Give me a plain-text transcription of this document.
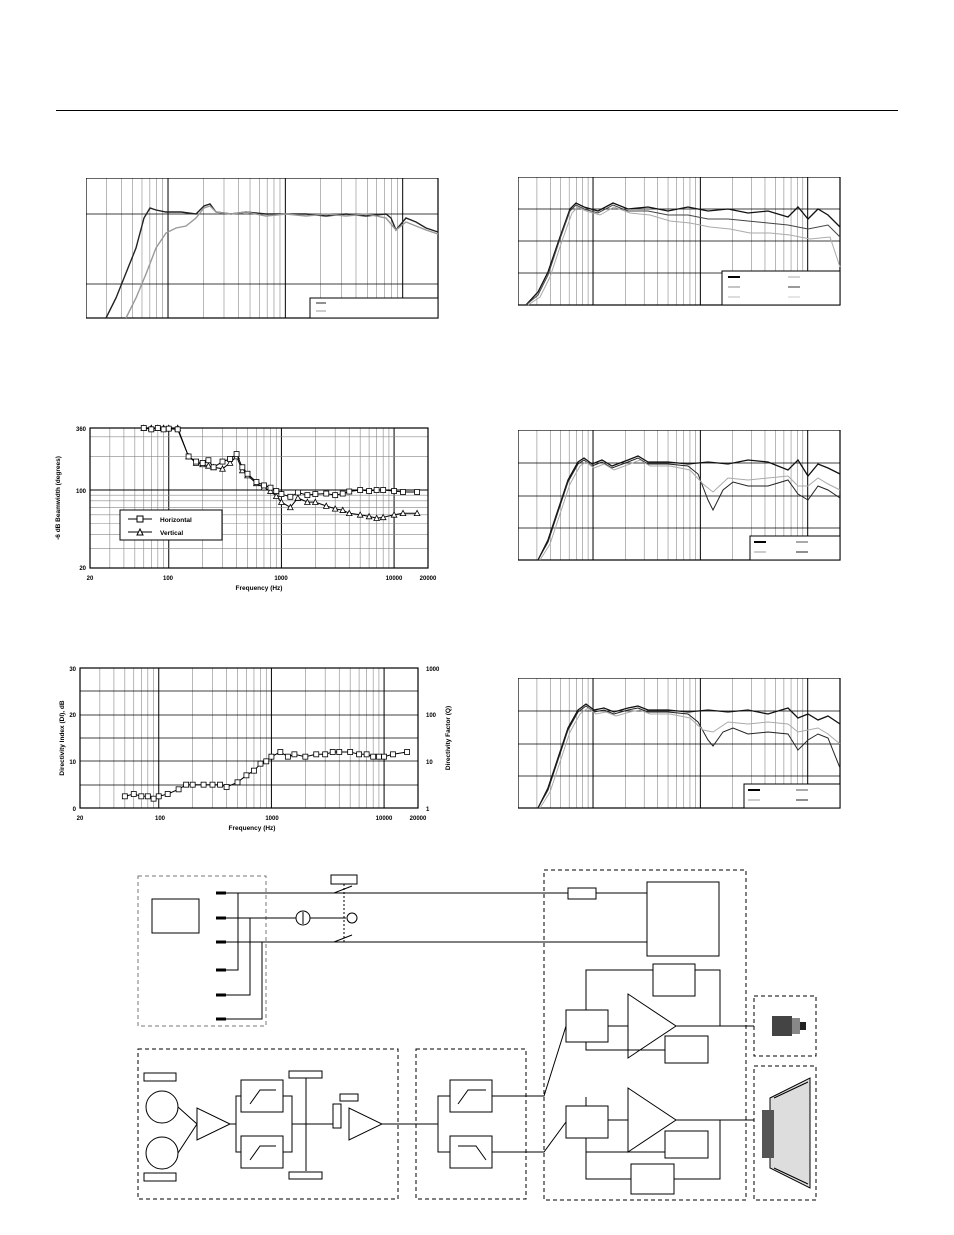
360
100
20
20	100	1000	10000	20000
Frequency (Hz)
-6 dB Beamwidth (degrees)	Horizontal
Vertical
30
20
10
0
1000
100
10
1
20	100	1000	10000	20000
Frequency (Hz)
Directivity Index (DI), dB	Directivity Factor (Q)
